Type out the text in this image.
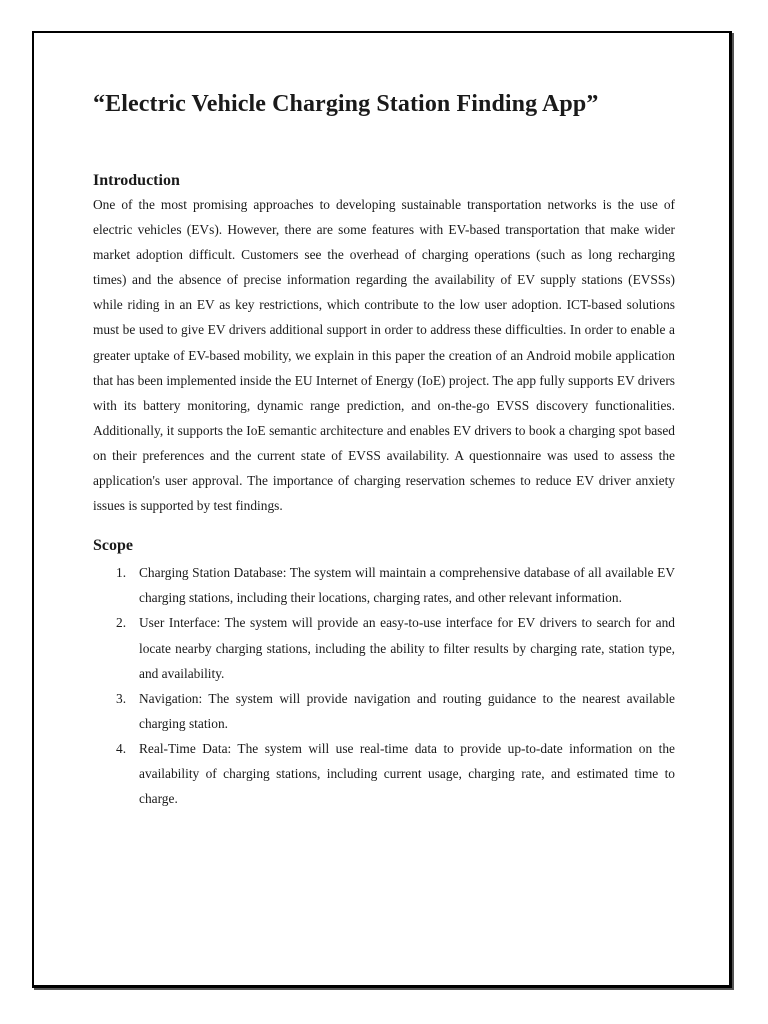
“Electric Vehicle Charging Station Finding App”
Introduction

One of the most promising approaches to developing sustainable transportation networks is the use of electric vehicles (EVs). However, there are some features with EV-based transportation that make wider market adoption difficult. Customers see the overhead of charging operations (such as long recharging times) and the absence of precise information regarding the availability of EV supply stations (EVSSs) while riding in an EV as key restrictions, which contribute to the low user adoption. ICT-based solutions must be used to give EV drivers additional support in order to address these difficulties. In order to enable a greater uptake of EV-based mobility, we explain in this paper the creation of an Android mobile application that has been implemented inside the EU Internet of Energy (IoE) project. The app fully supports EV drivers with its battery monitoring, dynamic range prediction, and on-the-go EVSS discovery functionalities. Additionally, it supports the IoE semantic architecture and enables EV drivers to book a charging spot based on their preferences and the current state of EVSS availability. A questionnaire was used to assess the application's user approval. The importance of charging reservation schemes to reduce EV driver anxiety issues is supported by test findings.

Scope
1. Charging Station Database: The system will maintain a comprehensive database of all available EV charging stations, including their locations, charging rates, and other relevant information.
2. User Interface: The system will provide an easy-to-use interface for EV drivers to search for and locate nearby charging stations, including the ability to filter results by charging rate, station type, and availability.
3. Navigation: The system will provide navigation and routing guidance to the nearest available charging station.
4. Real-Time Data: The system will use real-time data to provide up-to-date information on the availability of charging stations, including current usage, charging rate, and estimated time to charge.
